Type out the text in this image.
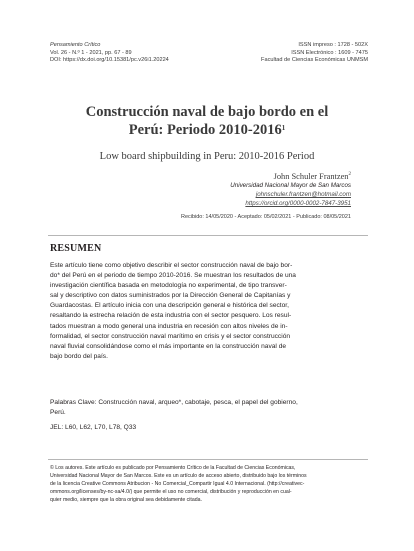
Pensamiento Crítico
Vol. 26 - N.º 1 - 2021, pp. 67 - 89
DOI: https://dx.doi.org/10.15381/pc.v26i1.20224
ISSN impreso : 1728 - 502X
ISSN Electrónico : 1609 - 7475
Facultad de Ciencias Económicas UNMSM
Construcción naval de bajo bordo en el
Perú: Periodo 2010-2016$^1$
Low board shipbuilding in Peru: 2010-2016 Period
John Schuler Frantzen$^2$
Universidad Nacional Mayor de San Marcos
johnschuler.frantzen@hotmail.com
https://orcid.org/0000-0002-7847-3951
Recibido: 14/05/2020 - Aceptado: 05/02/2021 - Publicado: 08/05/2021
RESUMEN
Este artículo tiene como objetivo describir el sector construcción naval de bajo bor-
do* del Perú en el periodo de tiempo 2010-2016. Se muestran los resultados de una
investigación científica basada en metodología no experimental, de tipo transver-
sal y descriptivo con datos suministrados por la Dirección General de Capitanías y
Guardacostas. El artículo inicia con una descripción general e histórica del sector,
resaltando la estrecha relación de esta industria con el sector pesquero. Los resul-
tados muestran a modo general una industria en recesión con altos niveles de in-
formalidad, el sector construcción naval marítimo en crisis y el sector construcción
naval fluvial consolidándose como el más importante en la construcción naval de
bajo bordo del país.
Palabras Clave: Construcción naval, arqueo*, cabotaje, pesca, el papel del gobierno,
Perú.
JEL: L60, L62, L70, L78, Q33
© Los autores. Este artículo es publicado por Pensamiento Crítico de la Facultad de Ciencias Económicas,
Universidad Nacional Mayor de San Marcos. Este es un artículo de acceso abierto, distribuido bajo los términos
de la licencia Creative Commons Atribucion - No Comercial_Compartir Igual 4.0 Internacional. (http://creativec-
ommons.org/licenses/by-nc-sa/4.0/) que permite el uso no comercial, distribución y reproducción en cual-
quier medio, siempre que la obra original sea debidamente citada.
